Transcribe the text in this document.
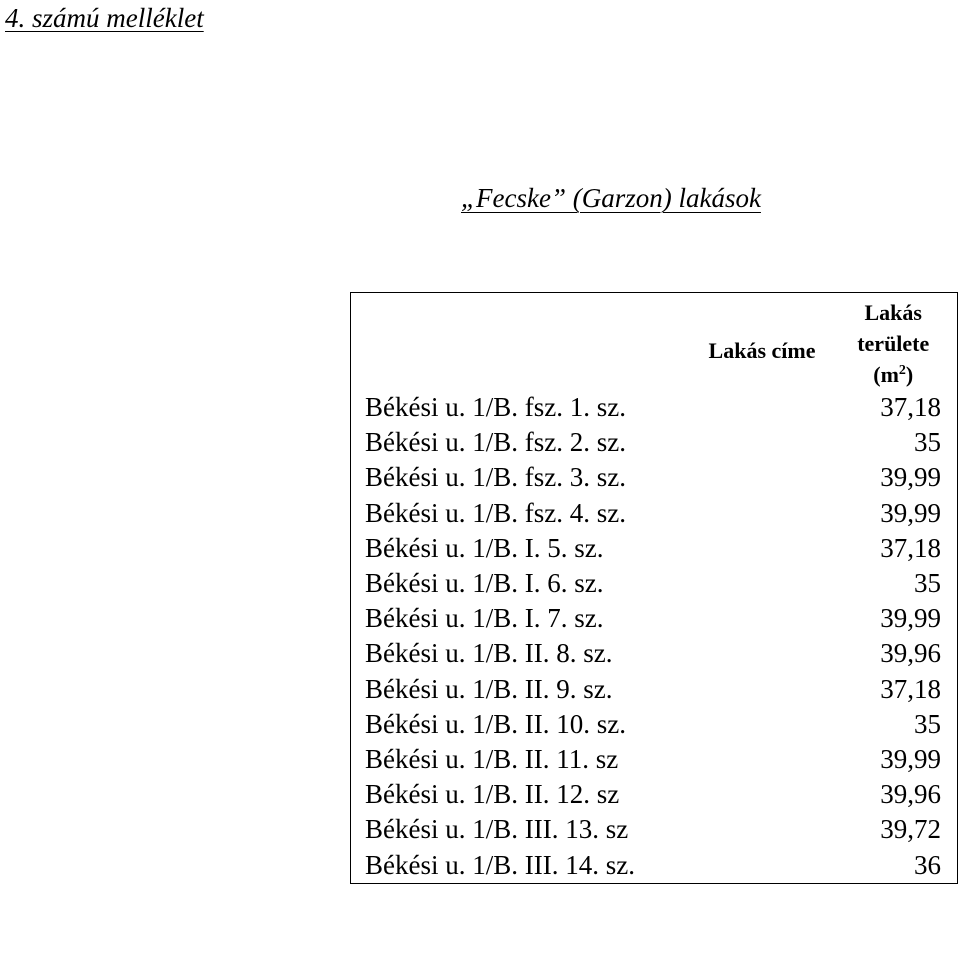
4. számú melléklet
„Fecske” (Garzon) lakások
Lakás címe	Lakás
területe
$(m^2)$

Békési u. 1/B. fsz. 1. sz.	37,18
Békési u. 1/B. fsz. 2. sz.	35
Békési u. 1/B. fsz. 3. sz.	39,99
Békési u. 1/B. fsz. 4. sz.	39,99
Békési u. 1/B. I. 5. sz.	37,18
Békési u. 1/B. I. 6. sz.	35
Békési u. 1/B. I. 7. sz.	39,99
Békési u. 1/B. II. 8. sz.	39,96
Békési u. 1/B. II. 9. sz.	37,18
Békési u. 1/B. II. 10. sz.	35
Békési u. 1/B. II. 11. sz	39,99
Békési u. 1/B. II. 12. sz	39,96
Békési u. 1/B. III. 13. sz	39,72
Békési u. 1/B. III. 14. sz.	36
